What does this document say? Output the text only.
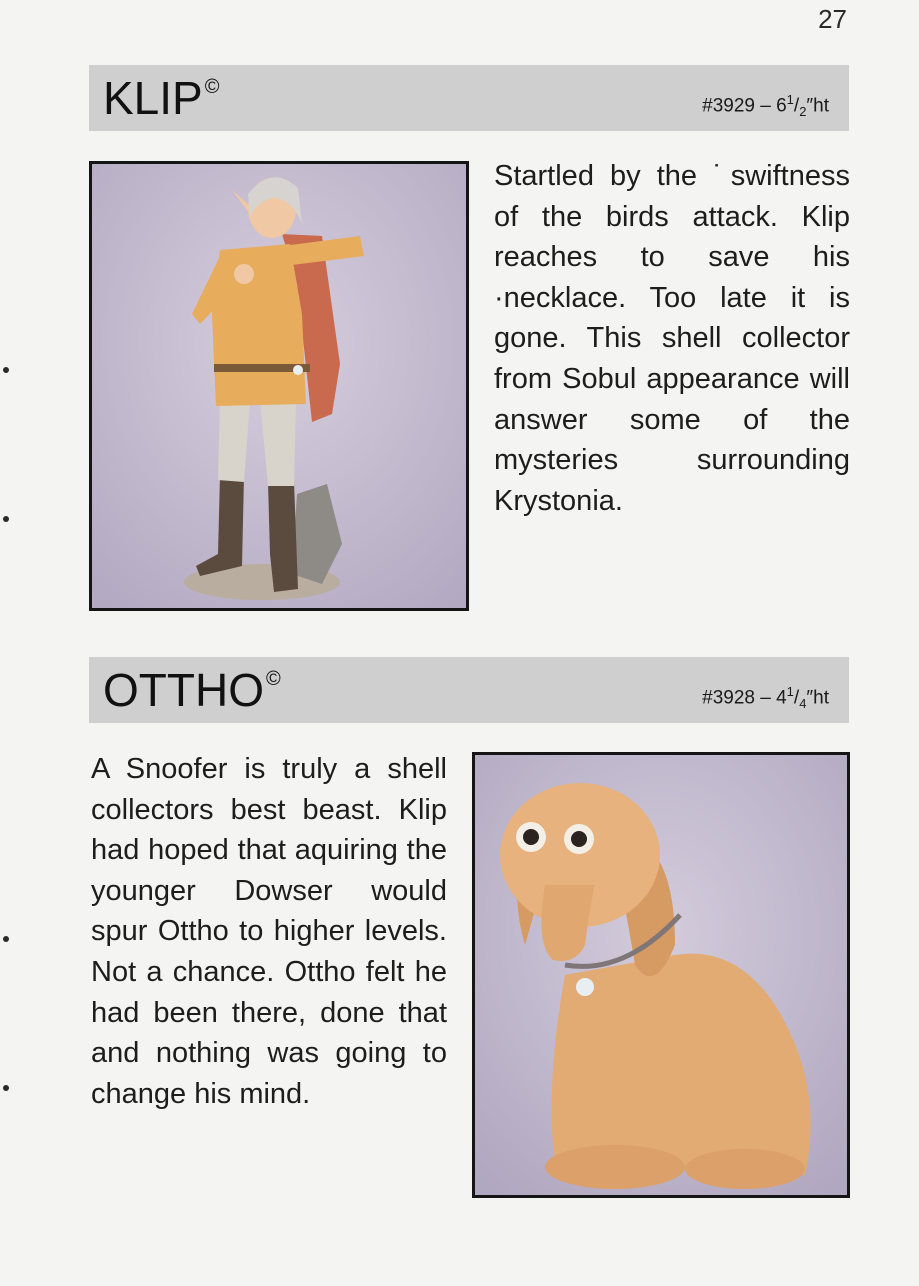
27
KLIP ©
#3929 – $6^1/_2''ht$

Startled by the ˙swiftness of the birds attack. Klip reaches to save his ·necklace. Too late it is gone. This shell collector from Sobul appearance will answer some of the mysteries surrounding Krystonia.

OTTHO ©
#3928 – $4^1/_4''ht$

A Snoofer is truly a shell collectors best beast. Klip had hoped that aquiring the younger Dowser would spur Ottho to higher levels. Not a chance. Ottho felt he had been there, done that and nothing was going to change his mind.
